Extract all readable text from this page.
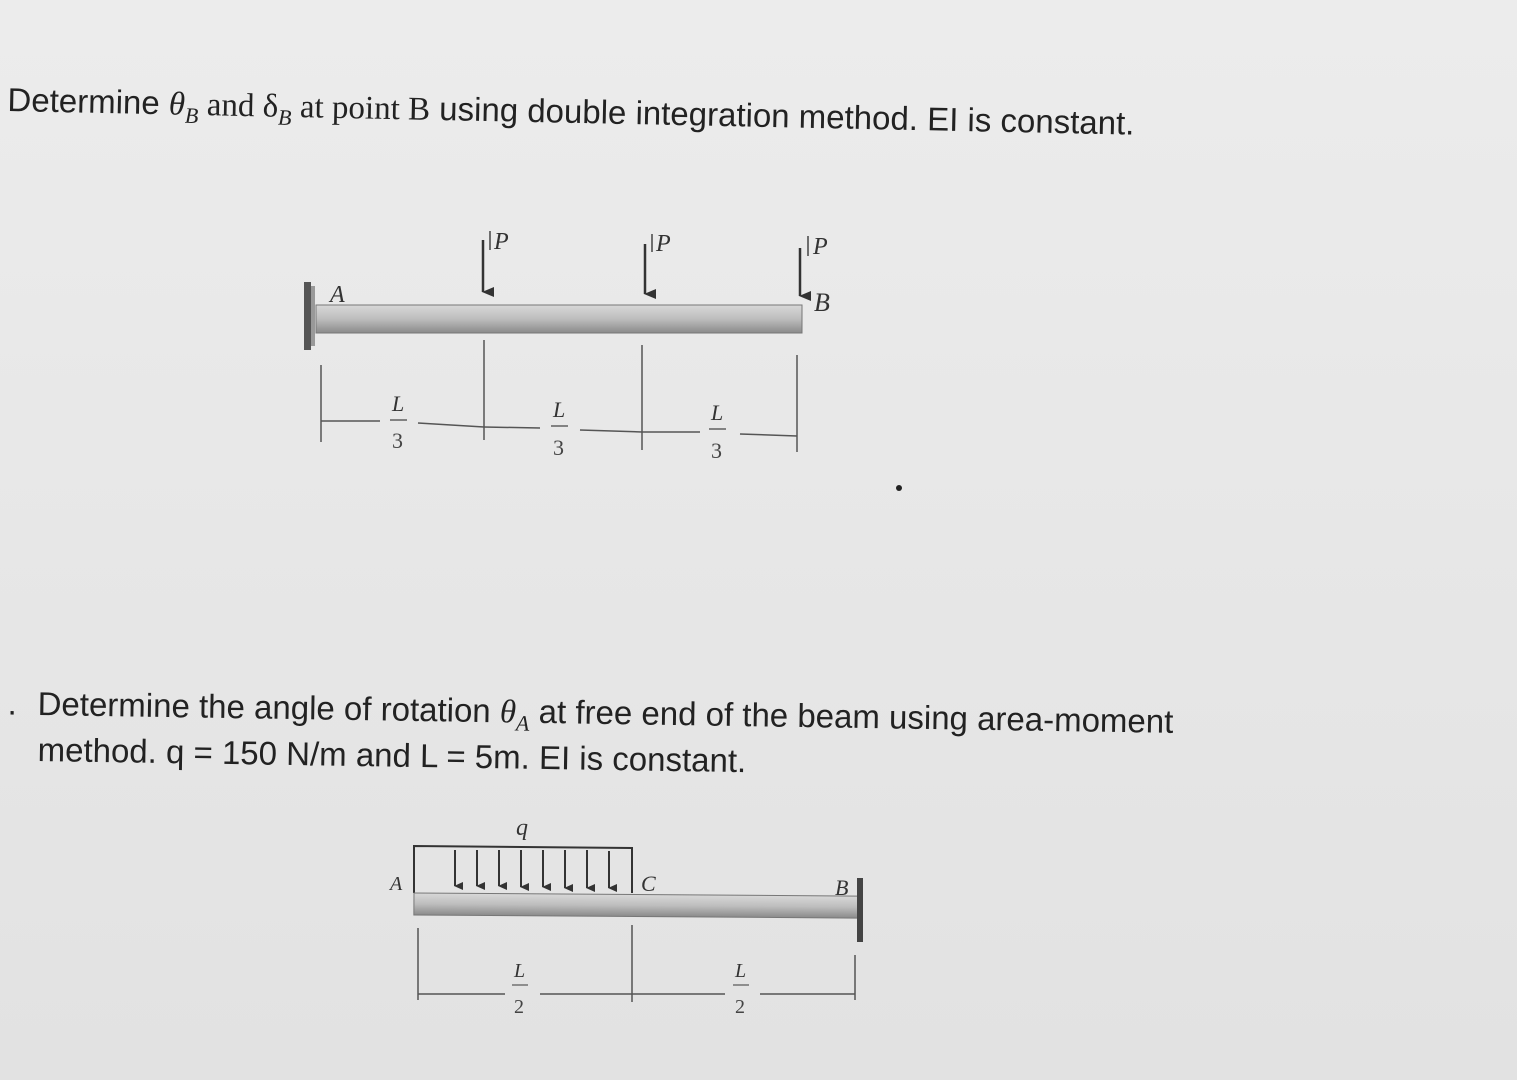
Determine $\theta_B$ and $\delta_B$ at point B using double integration method. EI is constant.
. Determine the angle of rotation $\theta_A$ at free end of the beam using area-moment
method. q = 150 N/m and L = 5m. EI is constant.
A	B
P	P	P
L
3
L
3
L
3
q
A	C	B
L
2
L
2
